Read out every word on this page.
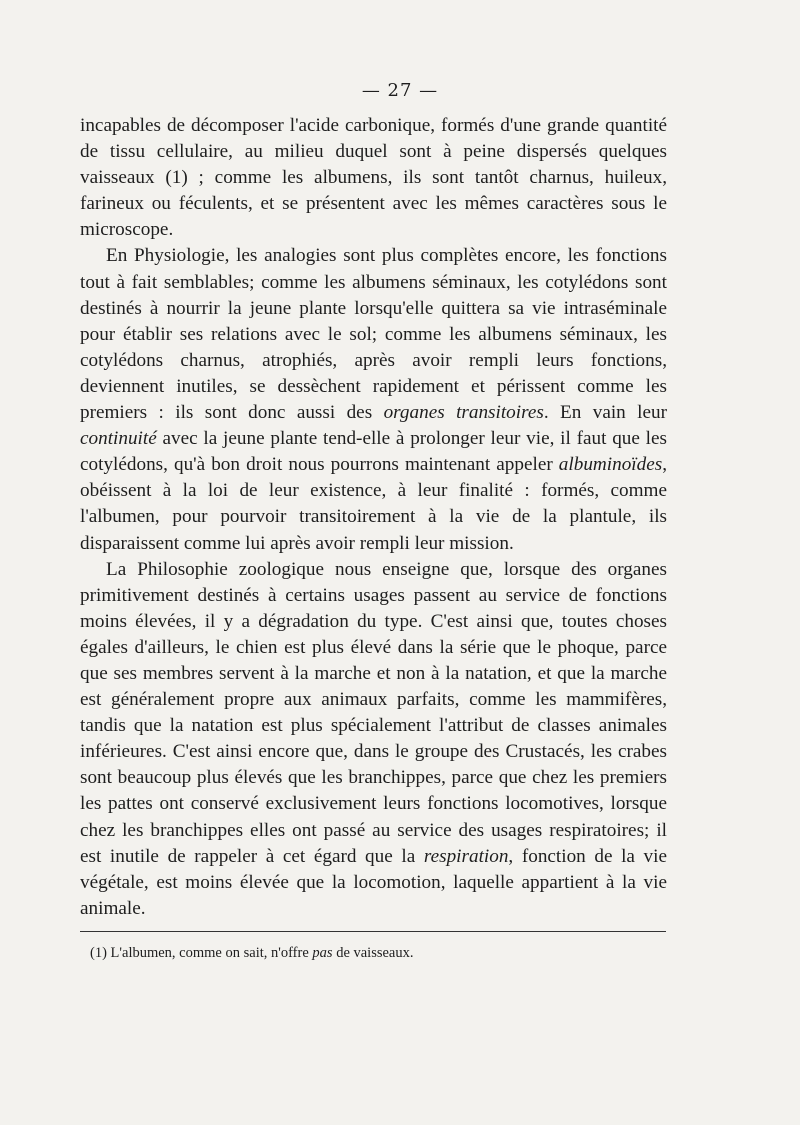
— 27 —

incapables de décomposer l'acide carbonique, formés d'une grande quantité de tissu cellulaire, au milieu duquel sont à peine dispersés quelques vaisseaux (1) ; comme les albumens, ils sont tantôt charnus, huileux, farineux ou féculents, et se présentent avec les mêmes caractères sous le microscope.

En Physiologie, les analogies sont plus complètes encore, les fonctions tout à fait semblables; comme les albumens séminaux, les cotylédons sont destinés à nourrir la jeune plante lorsqu'elle quittera sa vie intraséminale pour établir ses relations avec le sol; comme les albumens séminaux, les cotylédons charnus, atrophiés, après avoir rempli leurs fonctions, deviennent inutiles, se dessèchent rapidement et périssent comme les premiers : ils sont donc aussi des organes transitoires. En vain leur continuité avec la jeune plante tend-elle à prolonger leur vie, il faut que les cotylédons, qu'à bon droit nous pourrons maintenant appeler albuminoïdes, obéissent à la loi de leur existence, à leur finalité : formés, comme l'albumen, pour pourvoir transitoirement à la vie de la plantule, ils disparaissent comme lui après avoir rempli leur mission.

La Philosophie zoologique nous enseigne que, lorsque des organes primitivement destinés à certains usages passent au service de fonctions moins élevées, il y a dégradation du type. C'est ainsi que, toutes choses égales d'ailleurs, le chien est plus élevé dans la série que le phoque, parce que ses membres servent à la marche et non à la natation, et que la marche est généralement propre aux animaux parfaits, comme les mammifères, tandis que la natation est plus spécialement l'attribut de classes animales inférieures. C'est ainsi encore que, dans le groupe des Crustacés, les crabes sont beaucoup plus élevés que les branchippes, parce que chez les premiers les pattes ont conservé exclusivement leurs fonctions locomotives, lorsque chez les branchippes elles ont passé au service des usages respiratoires; il est inutile de rappeler à cet égard que la respiration, fonction de la vie végétale, est moins élevée que la locomotion, laquelle appartient à la vie animale.

(1) L'albumen, comme on sait, n'offre pas de vaisseaux.
